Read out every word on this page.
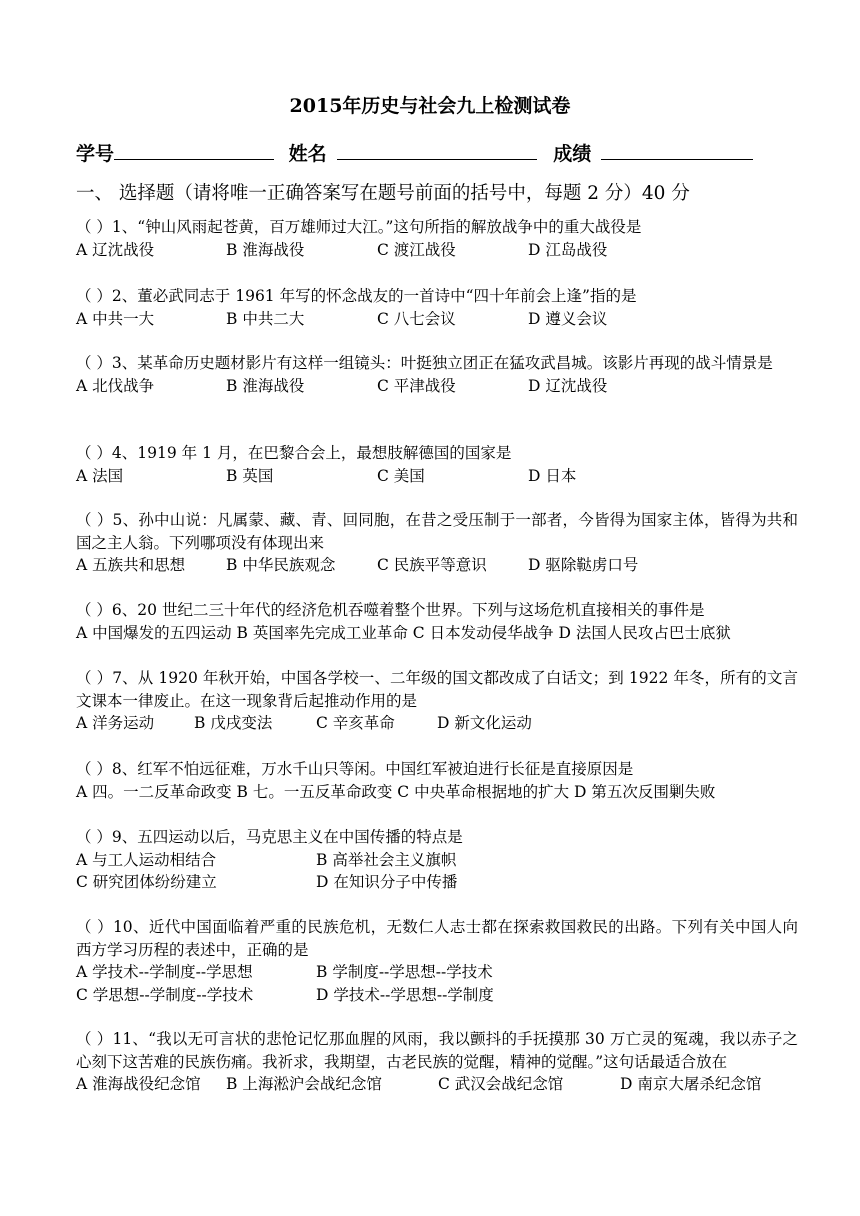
2015年历史与社会九上检测试卷
学号	姓名	成绩
一、 选择题（请将唯一正确答案写在题号前面的括号中，每题 2 分）40 分
（ ）1、“钟山风雨起苍黄，百万雄师过大江。”这句所指的解放战争中的重大战役是
A 辽沈战役	B 淮海战役	C 渡江战役	D 江岛战役
（ ）2、董必武同志于 1961 年写的怀念战友的一首诗中“四十年前会上逢”指的是
A 中共一大	B 中共二大	C 八七会议	D 遵义会议
（ ）3、某革命历史题材影片有这样一组镜头：叶挺独立团正在猛攻武昌城。该影片再现的战斗情景是
A 北伐战争	B 淮海战役	C 平津战役	D 辽沈战役
（ ）4、1919 年 1 月，在巴黎合会上，最想肢解德国的国家是
A 法国	B 英国	C 美国	D 日本
（ ）5、孙中山说：凡属蒙、藏、青、回同胞，在昔之受压制于一部者，今皆得为国家主体，皆得为共和国之主人翁。下列哪项没有体现出来
A 五族共和思想	B 中华民族观念	C 民族平等意识	D 驱除鞑虏口号
（ ）6、20 世纪二三十年代的经济危机吞噬着整个世界。下列与这场危机直接相关的事件是
A 中国爆发的五四运动 B 英国率先完成工业革命 C 日本发动侵华战争 D 法国人民攻占巴士底狱
（ ）7、从 1920 年秋开始，中国各学校一、二年级的国文都改成了白话文；到 1922 年冬，所有的文言文课本一律废止。在这一现象背后起推动作用的是
A 洋务运动	B 戊戌变法	C 辛亥革命	D 新文化运动
（ ）8、红军不怕远征难，万水千山只等闲。中国红军被迫进行长征是直接原因是
A 四。一二反革命政变 B 七。一五反革命政变 C 中央革命根据地的扩大 D 第五次反围剿失败
（ ）9、五四运动以后，马克思主义在中国传播的特点是
A 与工人运动相结合	B 高举社会主义旗帜
C 研究团体纷纷建立	D 在知识分子中传播
（ ）10、近代中国面临着严重的民族危机，无数仁人志士都在探索救国救民的出路。下列有关中国人向西方学习历程的表述中，正确的是
A 学技术--学制度--学思想	B 学制度--学思想--学技术
C 学思想--学制度--学技术	D 学技术--学思想--学制度
（ ）11、“我以无可言状的悲怆记忆那血腥的风雨，我以颤抖的手抚摸那 30 万亡灵的冤魂，我以赤子之心刻下这苦难的民族伤痛。我祈求，我期望，古老民族的觉醒，精神的觉醒。”这句话最适合放在
A 淮海战役纪念馆 B 上海淞沪会战纪念馆	C 武汉会战纪念馆	D 南京大屠杀纪念馆
